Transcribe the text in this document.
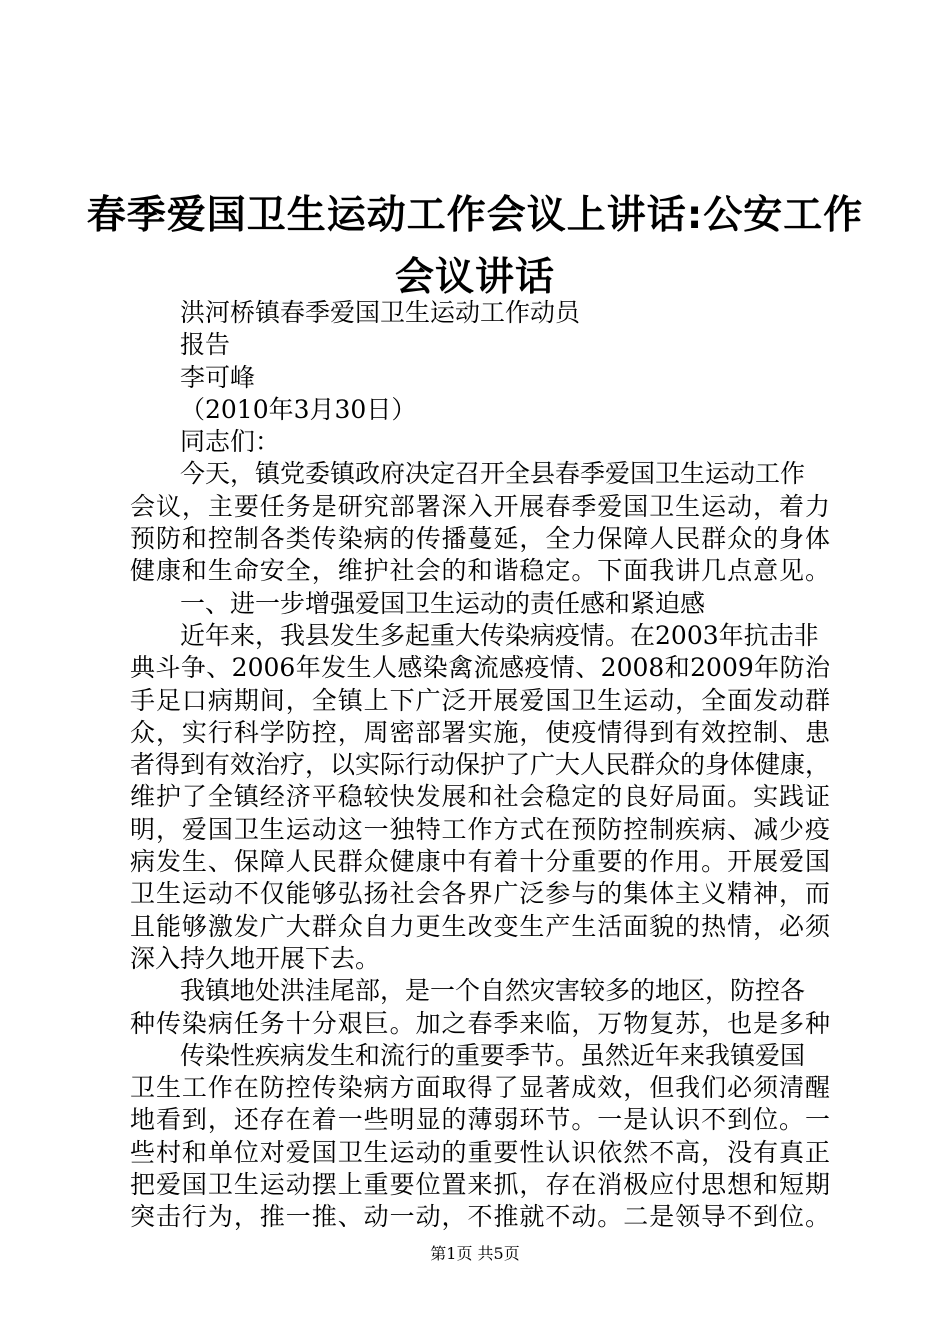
春季爱国卫生运动工作会议上讲话:公安工作
会议讲话
洪河桥镇春季爱国卫生运动工作动员
报告
李可峰
（2010年3月30日）
同志们：
今天，镇党委镇政府决定召开全县春季爱国卫生运动工作
会议，主要任务是研究部署深入开展春季爱国卫生运动，着力
预防和控制各类传染病的传播蔓延，全力保障人民群众的身体
健康和生命安全，维护社会的和谐稳定。下面我讲几点意见。
一、进一步增强爱国卫生运动的责任感和紧迫感
近年来，我县发生多起重大传染病疫情。在2003年抗击非
典斗争、2006年发生人感染禽流感疫情、2008和2009年防治
手足口病期间，全镇上下广泛开展爱国卫生运动，全面发动群
众，实行科学防控，周密部署实施，使疫情得到有效控制、患
者得到有效治疗，以实际行动保护了广大人民群众的身体健康，
维护了全镇经济平稳较快发展和社会稳定的良好局面。实践证
明，爱国卫生运动这一独特工作方式在预防控制疾病、减少疫
病发生、保障人民群众健康中有着十分重要的作用。开展爱国
卫生运动不仅能够弘扬社会各界广泛参与的集体主义精神，而
且能够激发广大群众自力更生改变生产生活面貌的热情，必须
深入持久地开展下去。
我镇地处洪洼尾部，是一个自然灾害较多的地区，防控各
种传染病任务十分艰巨。加之春季来临，万物复苏，也是多种
传染性疾病发生和流行的重要季节。虽然近年来我镇爱国
卫生工作在防控传染病方面取得了显著成效，但我们必须清醒
地看到，还存在着一些明显的薄弱环节。一是认识不到位。一
些村和单位对爱国卫生运动的重要性认识依然不高，没有真正
把爱国卫生运动摆上重要位置来抓，存在消极应付思想和短期
突击行为，推一推、动一动，不推就不动。二是领导不到位。
第1页 共5页
